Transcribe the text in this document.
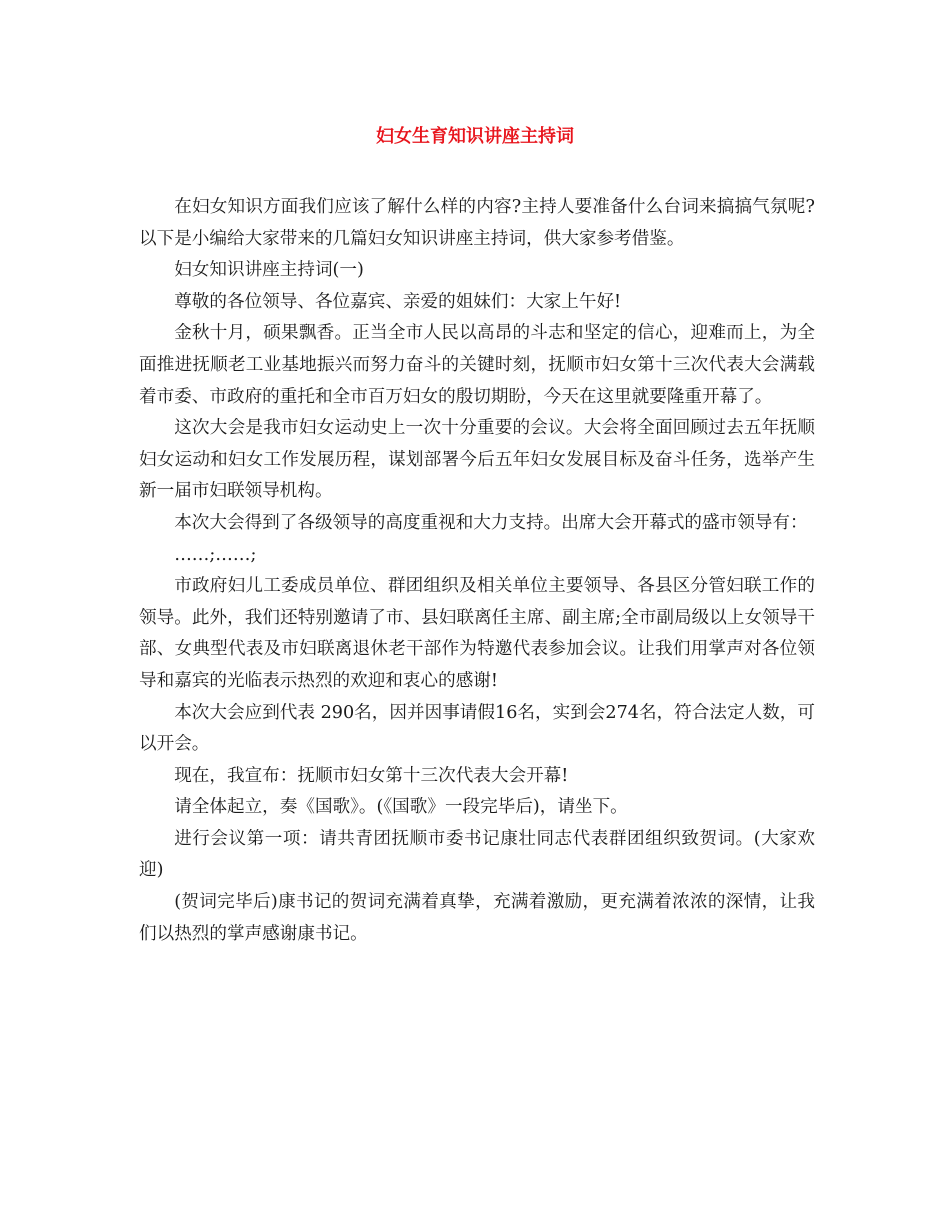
妇女生育知识讲座主持词

在妇女知识方面我们应该了解什么样的内容?主持人要准备什么台词来搞搞气氛呢?以下是小编给大家带来的几篇妇女知识讲座主持词，供大家参考借鉴。

妇女知识讲座主持词(一)

尊敬的各位领导、各位嘉宾、亲爱的姐妹们：大家上午好!

金秋十月，硕果飘香。正当全市人民以高昂的斗志和坚定的信心，迎难而上，为全面推进抚顺老工业基地振兴而努力奋斗的关键时刻，抚顺市妇女第十三次代表大会满载着市委、市政府的重托和全市百万妇女的殷切期盼，今天在这里就要隆重开幕了。

这次大会是我市妇女运动史上一次十分重要的会议。大会将全面回顾过去五年抚顺妇女运动和妇女工作发展历程，谋划部署今后五年妇女发展目标及奋斗任务，选举产生新一届市妇联领导机构。

本次大会得到了各级领导的高度重视和大力支持。出席大会开幕式的盛市领导有：

……;……;

市政府妇儿工委成员单位、群团组织及相关单位主要领导、各县区分管妇联工作的领导。此外，我们还特别邀请了市、县妇联离任主席、副主席;全市副局级以上女领导干部、女典型代表及市妇联离退休老干部作为特邀代表参加会议。让我们用掌声对各位领导和嘉宾的光临表示热烈的欢迎和衷心的感谢!

本次大会应到代表 290名，因并因事请假16名，实到会274名，符合法定人数，可以开会。

现在，我宣布：抚顺市妇女第十三次代表大会开幕!

请全体起立，奏《国歌》。(《国歌》一段完毕后)，请坐下。

进行会议第一项：请共青团抚顺市委书记康壮同志代表群团组织致贺词。(大家欢迎)

(贺词完毕后)康书记的贺词充满着真挚，充满着激励，更充满着浓浓的深情，让我们以热烈的掌声感谢康书记。
